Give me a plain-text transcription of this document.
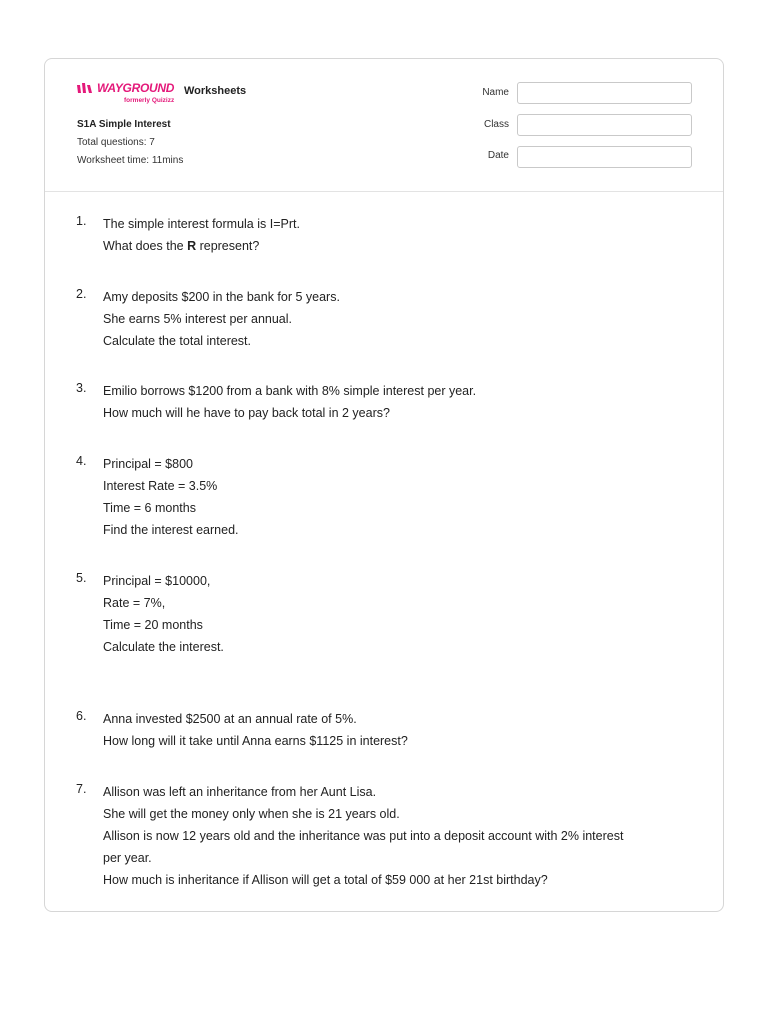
WAYGROUND
formerly Quizizz
Worksheets
S1A Simple Interest
Total questions: 7
Worksheet time: 11mins
Name
Class
Date
1. The simple interest formula is I=Prt.
What does the R represent?
2. Amy deposits $200 in the bank for 5 years.
She earns 5% interest per annual.
Calculate the total interest.
3. Emilio borrows $1200 from a bank with 8% simple interest per year.
How much will he have to pay back total in 2 years?
4. Principal = $800
Interest Rate = 3.5%
Time = 6 months
Find the interest earned.
5. Principal = $10000,
Rate = 7%,
Time = 20 months
Calculate the interest.
6. Anna invested $2500 at an annual rate of 5%.
How long will it take until Anna earns $1125 in interest?
7. Allison was left an inheritance from her Aunt Lisa.
She will get the money only when she is 21 years old.
Allison is now 12 years old and the inheritance was put into a deposit account with 2% interest
per year.
How much is inheritance if Allison will get a total of $59 000 at her 21st birthday?
